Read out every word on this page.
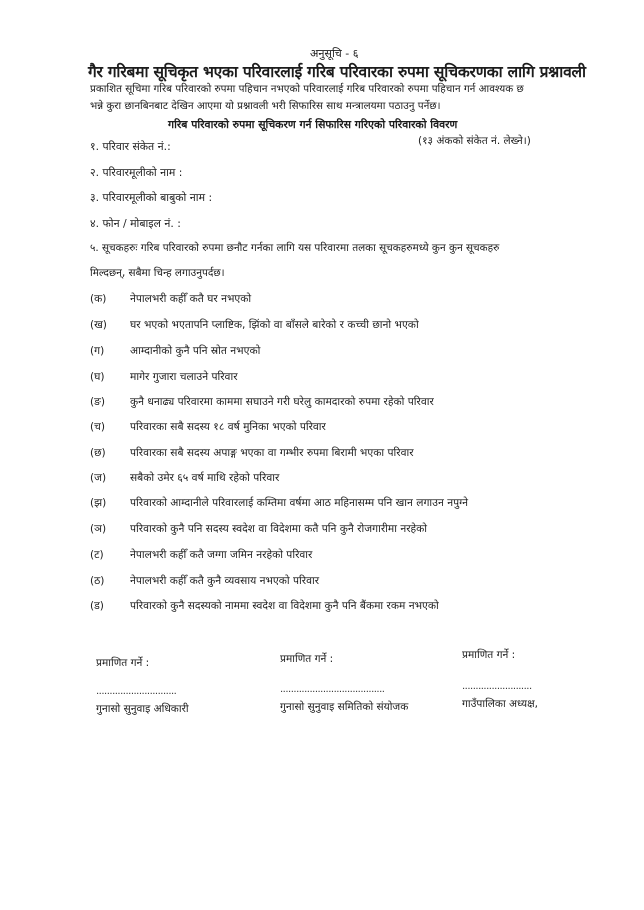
अनुसूचि - ६
गैर गरिबमा सूचिकृत भएका परिवारलाई गरिब परिवारका रुपमा सूचिकरणका लागि प्रश्नावली
प्रकाशित सूचिमा गरिब परिवारको रुपमा पहिचान नभएको परिवारलाई गरिब परिवारको रुपमा पहिचान गर्न आवश्यक छ
भन्ने कुरा छानबिनबाट देखिन आएमा यो प्रश्नावली भरी सिफारिस साथ मन्त्रालयमा पठाउनु पर्नेछ।
गरिब परिवारको रुपमा सूचिकरण गर्न सिफारिस गरिएको परिवारको विवरण
१. परिवार संकेत नं.:	(१३ अंकको संकेत नं. लेख्ने।)
२. परिवारमूलीको नाम :
३. परिवारमूलीको बाबुको नाम :
४. फोन / मोबाइल नं. :
५. सूचकहरुः गरिब परिवारको रुपमा छनौट गर्नका लागि यस परिवारमा तलका सूचकहरुमध्ये कुन कुन सूचकहरु
मिल्दछन्, सबैमा चिन्ह लगाउनुपर्दछ।
(क) नेपालभरी कहीँ कतै घर नभएको
(ख) घर भएको भएतापनि प्लाष्टिक, झिंको वा बाँसले बारेको र कच्ची छानो भएको
(ग) आम्दानीको कुनै पनि स्रोत नभएको
(घ) मागेर गुजारा चलाउने परिवार
(ङ) कुनै धनाढ्य परिवारमा काममा सघाउने गरी घरेलु कामदारको रुपमा रहेको परिवार
(च) परिवारका सबै सदस्य १८ वर्ष मुनिका भएको परिवार
(छ) परिवारका सबै सदस्य अपाङ्ग भएका वा गम्भीर रुपमा बिरामी भएका परिवार
(ज) सबैको उमेर ६५ वर्ष माथि रहेको परिवार
(झ) परिवारको आम्दानीले परिवारलाई कम्तिमा वर्षमा आठ महिनासम्म पनि खान लगाउन नपुग्ने
(ञ) परिवारको कुनै पनि सदस्य स्वदेश वा विदेशमा कतै पनि कुनै रोजगारीमा नरहेको
(ट) नेपालभरी कहीँ कतै जग्गा जमिन नरहेको परिवार
(ठ) नेपालभरी कहीँ कतै कुनै व्यवसाय नभएको परिवार
(ड) परिवारको कुनै सदस्यको नाममा स्वदेश वा विदेशमा कुनै पनि बैंकमा रकम नभएको
प्रमाणित गर्ने :
..............................
गुनासो सुनुवाइ अधिकारी
प्रमाणित गर्ने :
.......................................
गुनासो सुनुवाइ समितिको संयोजक
प्रमाणित गर्ने :
..........................
गाउँपालिका अध्यक्ष,
